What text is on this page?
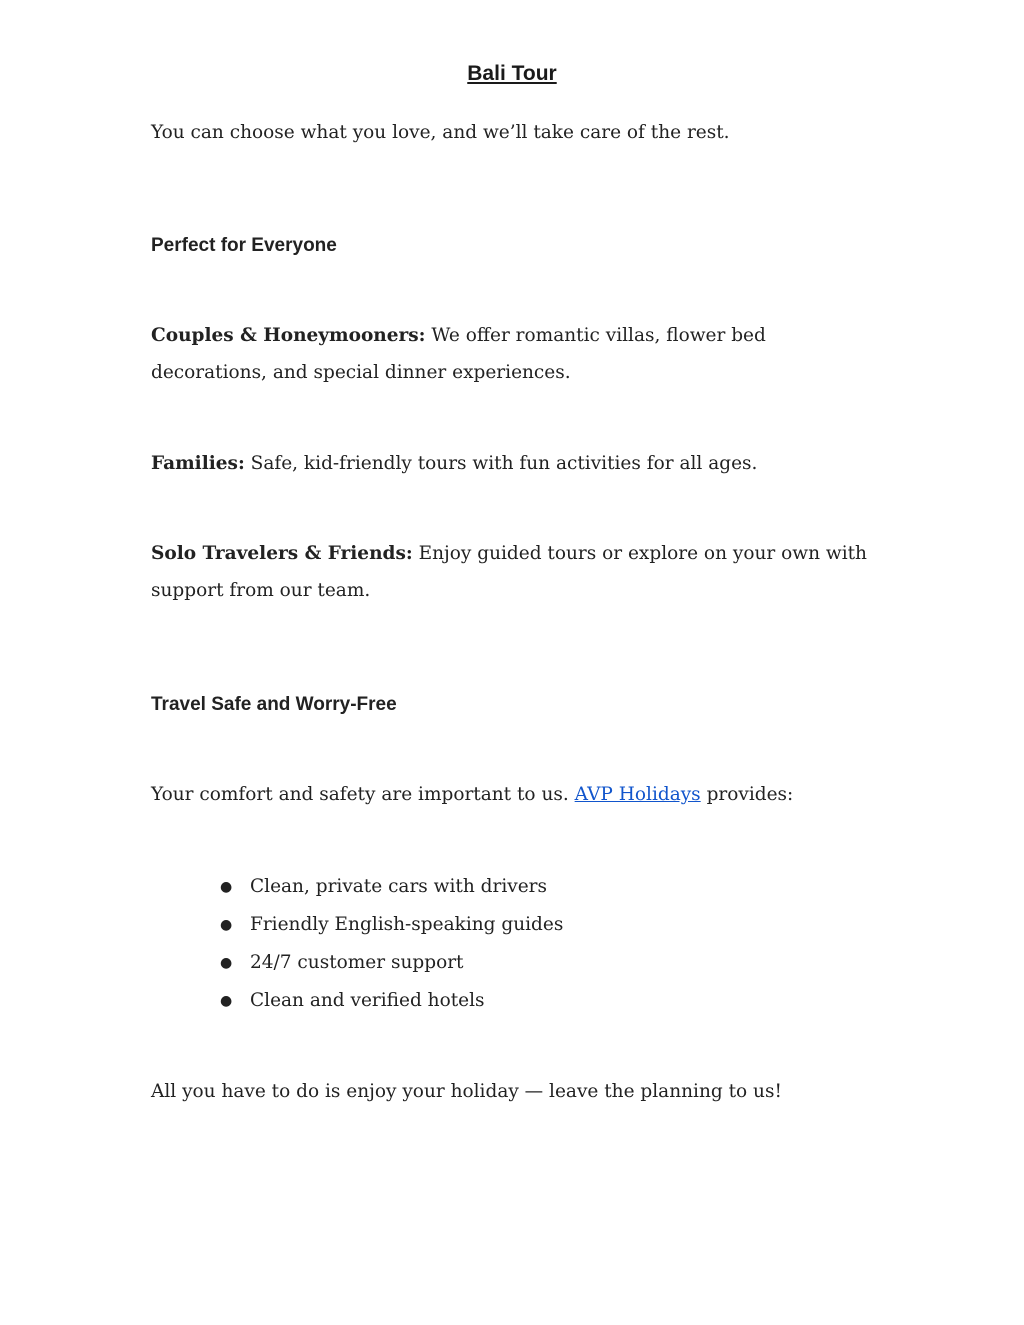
Bali Tour

You can choose what you love, and we’ll take care of the rest.

Perfect for Everyone

Couples & Honeymooners: We offer romantic villas, flower bed decorations, and special dinner experiences.

Families: Safe, kid-friendly tours with fun activities for all ages.

Solo Travelers & Friends: Enjoy guided tours or explore on your own with support from our team.

Travel Safe and Worry-Free

Your comfort and safety are important to us. AVP Holidays provides:

● Clean, private cars with drivers
● Friendly English-speaking guides
● 24/7 customer support
● Clean and verified hotels

All you have to do is enjoy your holiday — leave the planning to us!
